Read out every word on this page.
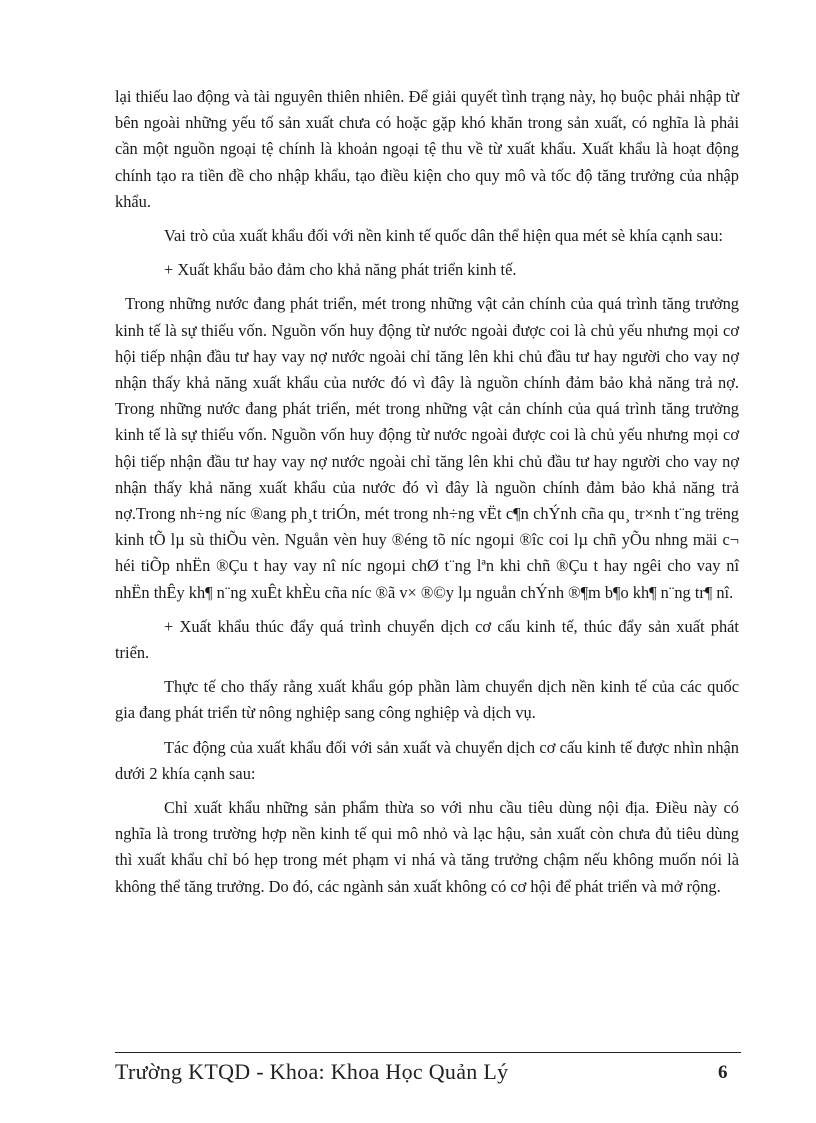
lại thiếu lao động và tài nguyên thiên nhiên. Để giải quyết tình trạng này, họ buộc phải nhập từ bên ngoài những yếu tố sản xuất chưa có hoặc gặp khó khăn trong sản xuất, có nghĩa là phải cần một nguồn ngoại tệ chính là khoản ngoại tệ thu về từ xuất khẩu. Xuất khẩu là hoạt động chính tạo ra tiền đề cho nhập khẩu, tạo điều kiện cho quy mô và tốc độ tăng trưởng của nhập khẩu.

Vai trò của xuất khẩu đối với nền kinh tế quốc dân thể hiện qua mét sè khía cạnh sau:

+ Xuất khẩu bảo đảm cho khả năng phát triển kinh tế.

Trong những nước đang phát triển, mét trong những vật cản chính của quá trình tăng trưởng kinh tế là sự thiếu vốn. Nguồn vốn huy động từ nước ngoài được coi là chủ yếu nhưng mọi cơ hội tiếp nhận đầu tư hay vay nợ nước ngoài chỉ tăng lên khi chủ đầu tư hay người cho vay nợ nhận thấy khả năng xuất khẩu của nước đó vì đây là nguồn chính đảm bảo khả năng trả nợ. Trong những nước đang phát triển, mét trong những vật cản chính của quá trình tăng trưởng kinh tế là sự thiếu vốn. Nguồn vốn huy động từ nước ngoài được coi là chủ yếu nhưng mọi cơ hội tiếp nhận đầu tư hay vay nợ nước ngoài chỉ tăng lên khi chủ đầu tư hay người cho vay nợ nhận thấy khả năng xuất khẩu của nước đó vì đây là nguồn chính đảm bảo khả năng trả nợ.Trong nh÷ng níc ®ang ph¸t triÓn, mét trong nh÷ng vËt c¶n chÝnh cña qu¸ tr×nh t¨ng trëng kinh tÕ lµ sù thiÕu vèn. Nguån vèn huy ®éng tõ níc ngoµi ®îc coi lµ chñ yÕu nhng mäi c¬ héi tiÕp nhËn ®Çu t hay vay nî níc ngoµi chØ t¨ng lªn khi chñ ®Çu t hay ngêi cho vay nî nhËn thÊy kh¶ n¨ng xuÊt khÈu cña níc ®ã v× ®©y lµ nguån chÝnh ®¶m b¶o kh¶ n¨ng tr¶ nî.

+ Xuất khẩu thúc đẩy quá trình chuyển dịch cơ cấu kinh tế, thúc đẩy sản xuất phát triển.

Thực tế cho thấy rằng xuất khẩu góp phần làm chuyển dịch nền kinh tế của các quốc gia đang phát triển từ nông nghiệp sang công nghiệp và dịch vụ.

Tác động của xuất khẩu đối với sản xuất và chuyển dịch cơ cấu kinh tế được nhìn nhận dưới 2 khía cạnh sau:

Chỉ xuất khẩu những sản phẩm thừa so với nhu cầu tiêu dùng nội địa. Điều này có nghĩa là trong trường hợp nền kinh tế qui mô nhỏ và lạc hậu, sản xuất còn chưa đủ tiêu dùng thì xuất khẩu chỉ bó hẹp trong mét phạm vi nhá và tăng trưởng chậm nếu không muốn nói là không thể tăng trưởng. Do đó, các ngành sản xuất không có cơ hội để phát triển và mở rộng.

Trường KTQD - Khoa: Khoa Học Quản Lý	6
